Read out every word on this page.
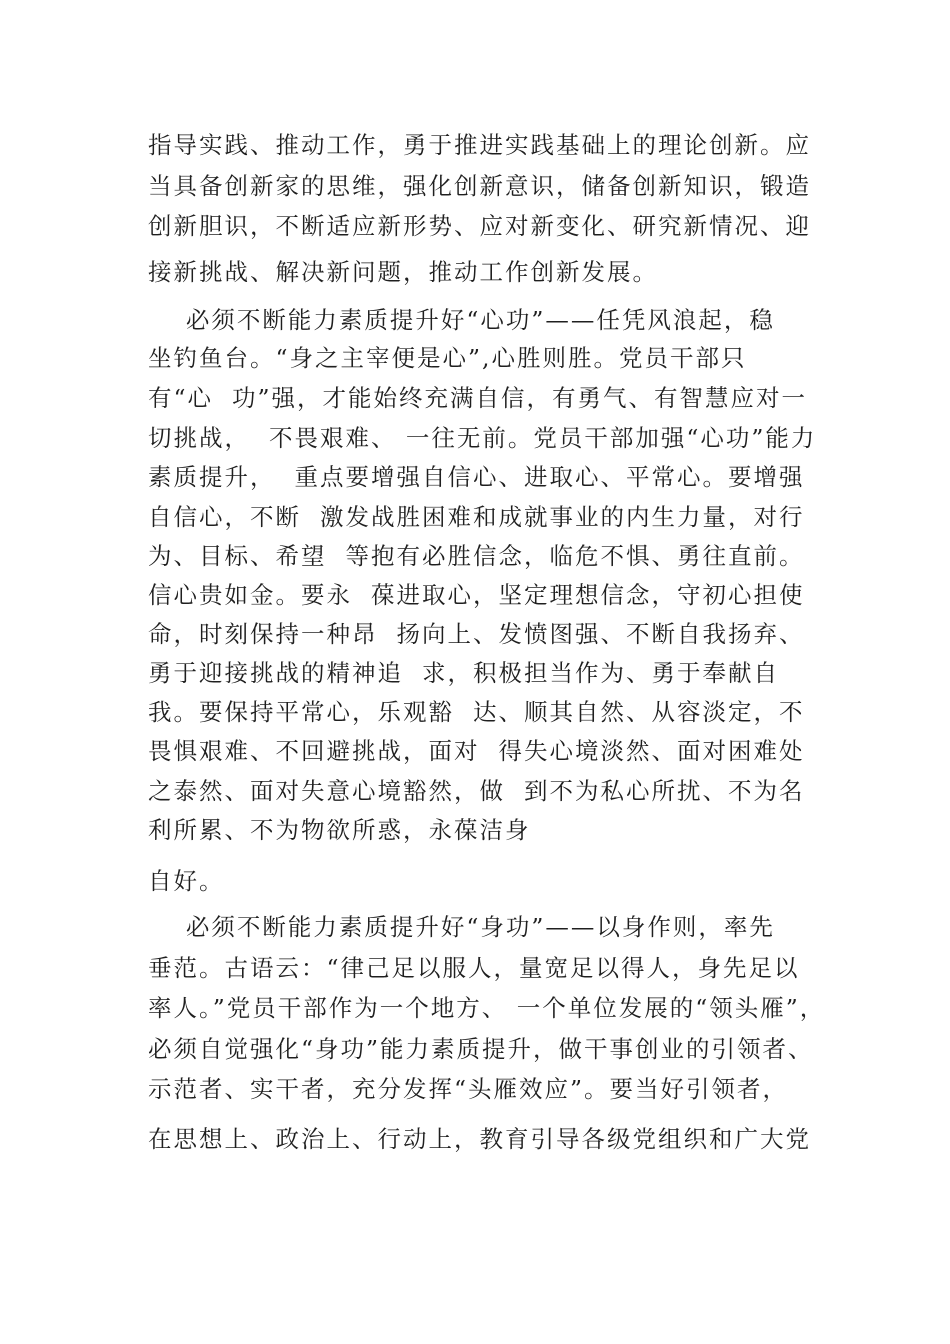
指导实践、推动工作，勇于推进实践基础上的理论创新。应
当具备创新家的思维，强化创新意识，储备创新知识，锻造
创新胆识，不断适应新形势、应对新变化、研究新情况、迎
接新挑战、解决新问题，推动工作创新发展。
必须不断能力素质提升好“心功”——任凭风浪起，稳
坐钓鱼台。“身之主宰便是心”,心胜则胜。党员干部只
有“心  功”强，才能始终充满自信，有勇气、有智慧应对一
切挑战，  不畏艰难、 一往无前。党员干部加强“心功”能力
素质提升，  重点要增强自信心、进取心、平常心。要增强
自信心，不断  激发战胜困难和成就事业的内生力量，对行
为、目标、希望  等抱有必胜信念，临危不惧、勇往直前。
信心贵如金。要永  葆进取心，坚定理想信念，守初心担使
命，时刻保持一种昂  扬向上、发愤图强、不断自我扬弃、
勇于迎接挑战的精神追  求，积极担当作为、勇于奉献自
我。要保持平常心，乐观豁  达、顺其自然、从容淡定，不
畏惧艰难、不回避挑战，面对  得失心境淡然、面对困难处
之泰然、面对失意心境豁然，做  到不为私心所扰、不为名
利所累、不为物欲所惑，永葆洁身
自好。
必须不断能力素质提升好“身功”——以身作则，率先
垂范。古语云：“律己足以服人，量宽足以得人，身先足以
率人。”党员干部作为一个地方、 一个单位发展的“领头雁”，
必须自觉强化“身功”能力素质提升，做干事创业的引领者、
示范者、实干者，充分发挥“头雁效应”。要当好引领者，
在思想上、政治上、行动上，教育引导各级党组织和广大党
